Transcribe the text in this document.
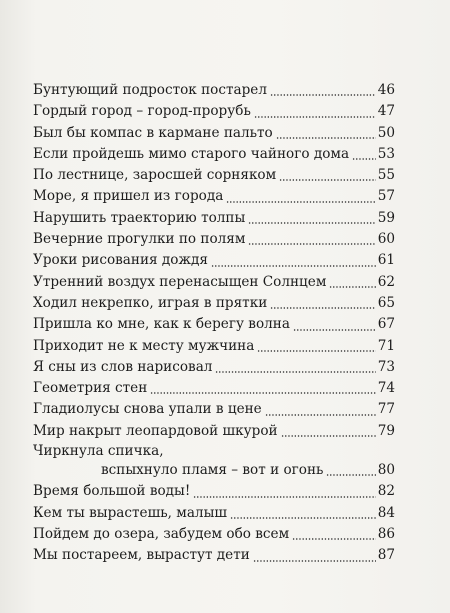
Бунтующий подросток постарел	46
Гордый город – город-прорубь	47
Был бы компас в кармане пальто	50
Если пройдешь мимо старого чайного дома 53
По лестнице, заросшей сорняком	55
Море, я пришел из города	57
Нарушить траекторию толпы	59
Вечерние прогулки по полям	60
Уроки рисования дождя	61
Утренний воздух перенасыщен Солнцем	62
Ходил некрепко, играя в прятки	65
Пришла ко мне, как к берегу волна	67
Приходит не к месту мужчина	71
Я сны из слов нарисовал	73
Геометрия стен	74
Гладиолусы снова упали в цене	77
Мир накрыт леопардовой шкурой	79
Чиркнула спичка,
вспыхнуло пламя – вот и огонь	80
Время большой воды!	82
Кем ты вырастешь, малыш	84
Пойдем до озера, забудем обо всем	86
Мы постареем, вырастут дети	87
